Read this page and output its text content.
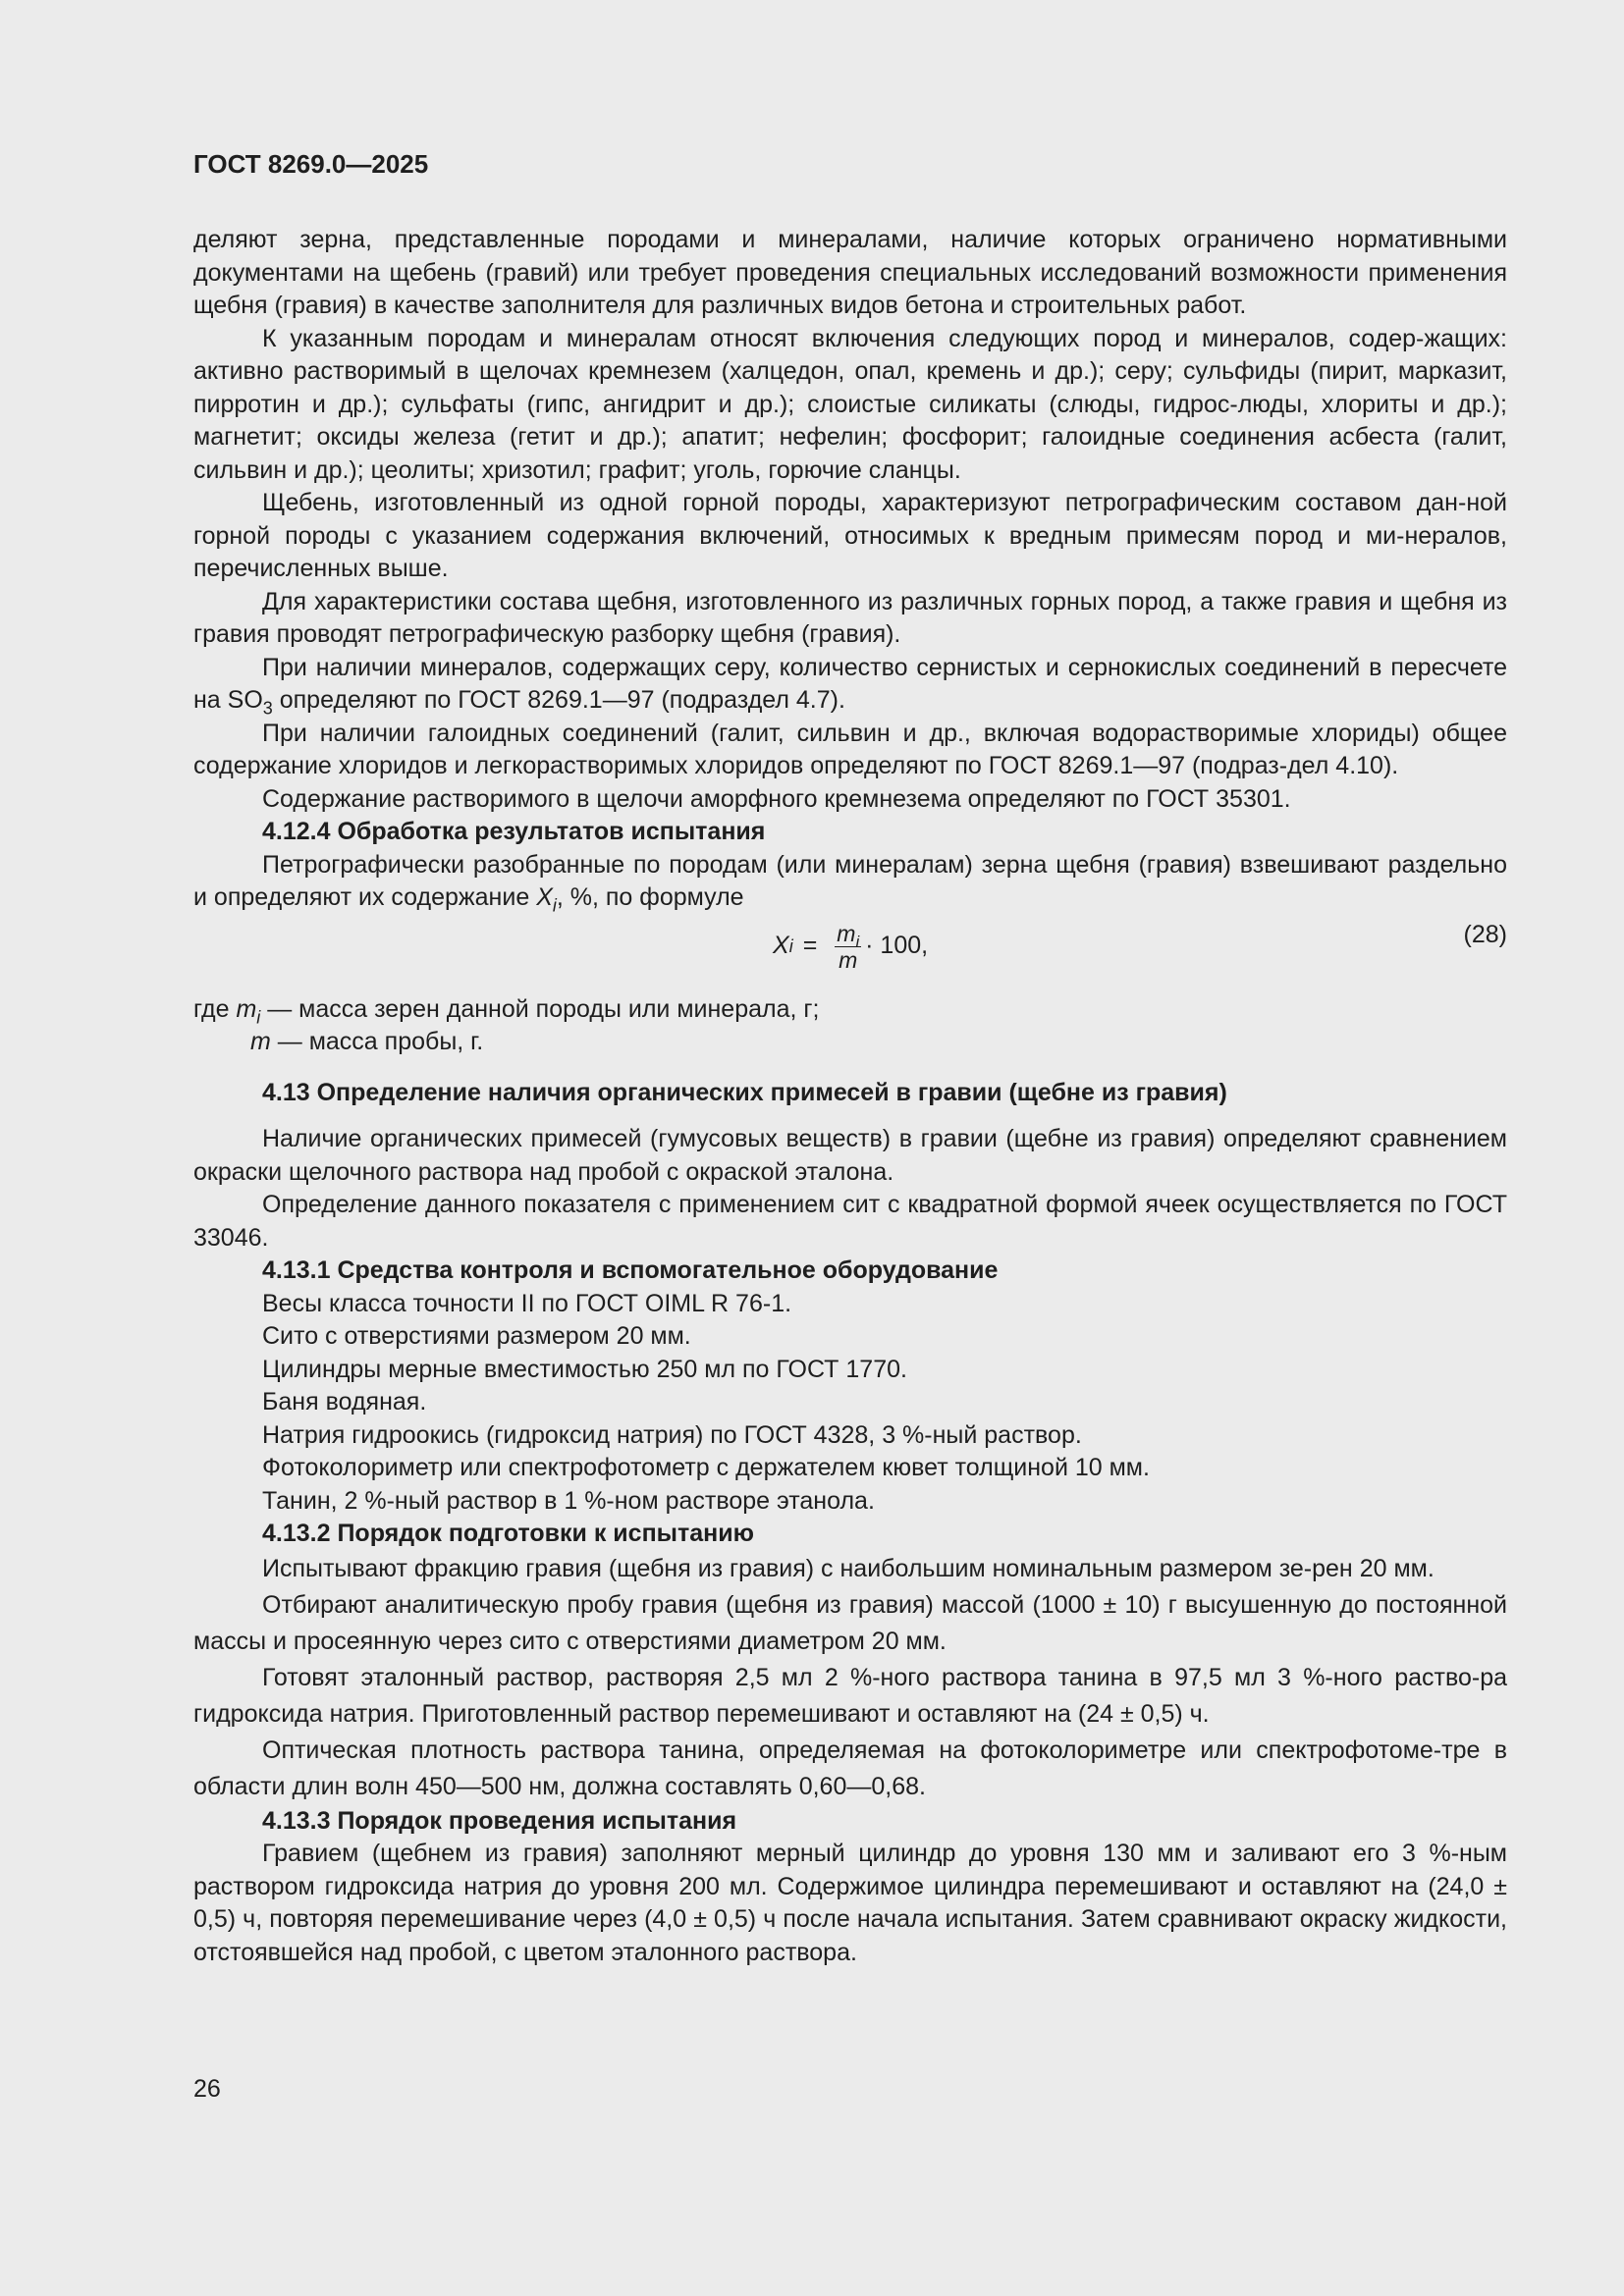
ГОСТ 8269.0—2025

деляют зерна, представленные породами и минералами, наличие которых ограничено нормативными документами на щебень (гравий) или требует проведения специальных исследований возможности применения щебня (гравия) в качестве заполнителя для различных видов бетона и строительных работ.

К указанным породам и минералам относят включения следующих пород и минералов, содер-жащих: активно растворимый в щелочах кремнезем (халцедон, опал, кремень и др.); серу; сульфиды (пирит, марказит, пирротин и др.); сульфаты (гипс, ангидрит и др.); слоистые силикаты (слюды, гидрос-люды, хлориты и др.); магнетит; оксиды железа (гетит и др.); апатит; нефелин; фосфорит; галоидные соединения асбеста (галит, сильвин и др.); цеолиты; хризотил; графит; уголь, горючие сланцы.

Щебень, изготовленный из одной горной породы, характеризуют петрографическим составом дан-ной горной породы с указанием содержания включений, относимых к вредным примесям пород и ми-нералов, перечисленных выше.

Для характеристики состава щебня, изготовленного из различных горных пород, а также гравия и щебня из гравия проводят петрографическую разборку щебня (гравия).

При наличии минералов, содержащих серу, количество сернистых и сернокислых соединений в пересчете на $SO_3$ определяют по ГОСТ 8269.1—97 (подраздел 4.7).

При наличии галоидных соединений (галит, сильвин и др., включая водорастворимые хлориды) общее содержание хлоридов и легкорастворимых хлоридов определяют по ГОСТ 8269.1—97 (подраз-дел 4.10).

Содержание растворимого в щелочи аморфного кремнезема определяют по ГОСТ 35301.

4.12.4 Обработка результатов испытания

Петрографически разобранные по породам (или минералам) зерна щебня (гравия) взвешивают раздельно и определяют их содержание $X_i$, %, по формуле

X $i = \frac{m_i}{m} \cdot 100$,	(28)
где $m_i$ — масса зерен данной породы или минерала, г;
m — масса пробы, г.
4.13 Определение наличия органических примесей в гравии (щебне из гравия)

Наличие органических примесей (гумусовых веществ) в гравии (щебне из гравия) определяют сравнением окраски щелочного раствора над пробой с окраской эталона.

Определение данного показателя с применением сит с квадратной формой ячеек осуществляется по ГОСТ 33046.

4.13.1 Средства контроля и вспомогательное оборудование
Весы класса точности II по ГОСТ OIML R 76-1.
Сито с отверстиями размером 20 мм.
Цилиндры мерные вместимостью 250 мл по ГОСТ 1770.
Баня водяная.
Натрия гидроокись (гидроксид натрия) по ГОСТ 4328, 3 %-ный раствор.
Фотоколориметр или спектрофотометр с держателем кювет толщиной 10 мм.
Танин, 2 %-ный раствор в 1 %-ном растворе этанола.
4.13.2 Порядок подготовки к испытанию

Испытывают фракцию гравия (щебня из гравия) с наибольшим номинальным размером зе-рен 20 мм.

Отбирают аналитическую пробу гравия (щебня из гравия) массой (1000 ± 10) г высушенную до постоянной массы и просеянную через сито с отверстиями диаметром 20 мм.

Готовят эталонный раствор, растворяя 2,5 мл 2 %-ного раствора танина в 97,5 мл 3 %-ного раство-ра гидроксида натрия. Приготовленный раствор перемешивают и оставляют на (24 ± 0,5) ч.

Оптическая плотность раствора танина, определяемая на фотоколориметре или спектрофотоме-тре в области длин волн 450—500 нм, должна составлять 0,60—0,68.

4.13.3 Порядок проведения испытания

Гравием (щебнем из гравия) заполняют мерный цилиндр до уровня 130 мм и заливают его 3 %-ным раствором гидроксида натрия до уровня 200 мл. Содержимое цилиндра перемешивают и оставляют на (24,0 ± 0,5) ч, повторяя перемешивание через (4,0 ± 0,5) ч после начала испытания. Затем сравнивают окраску жидкости, отстоявшейся над пробой, с цветом эталонного раствора.

26
